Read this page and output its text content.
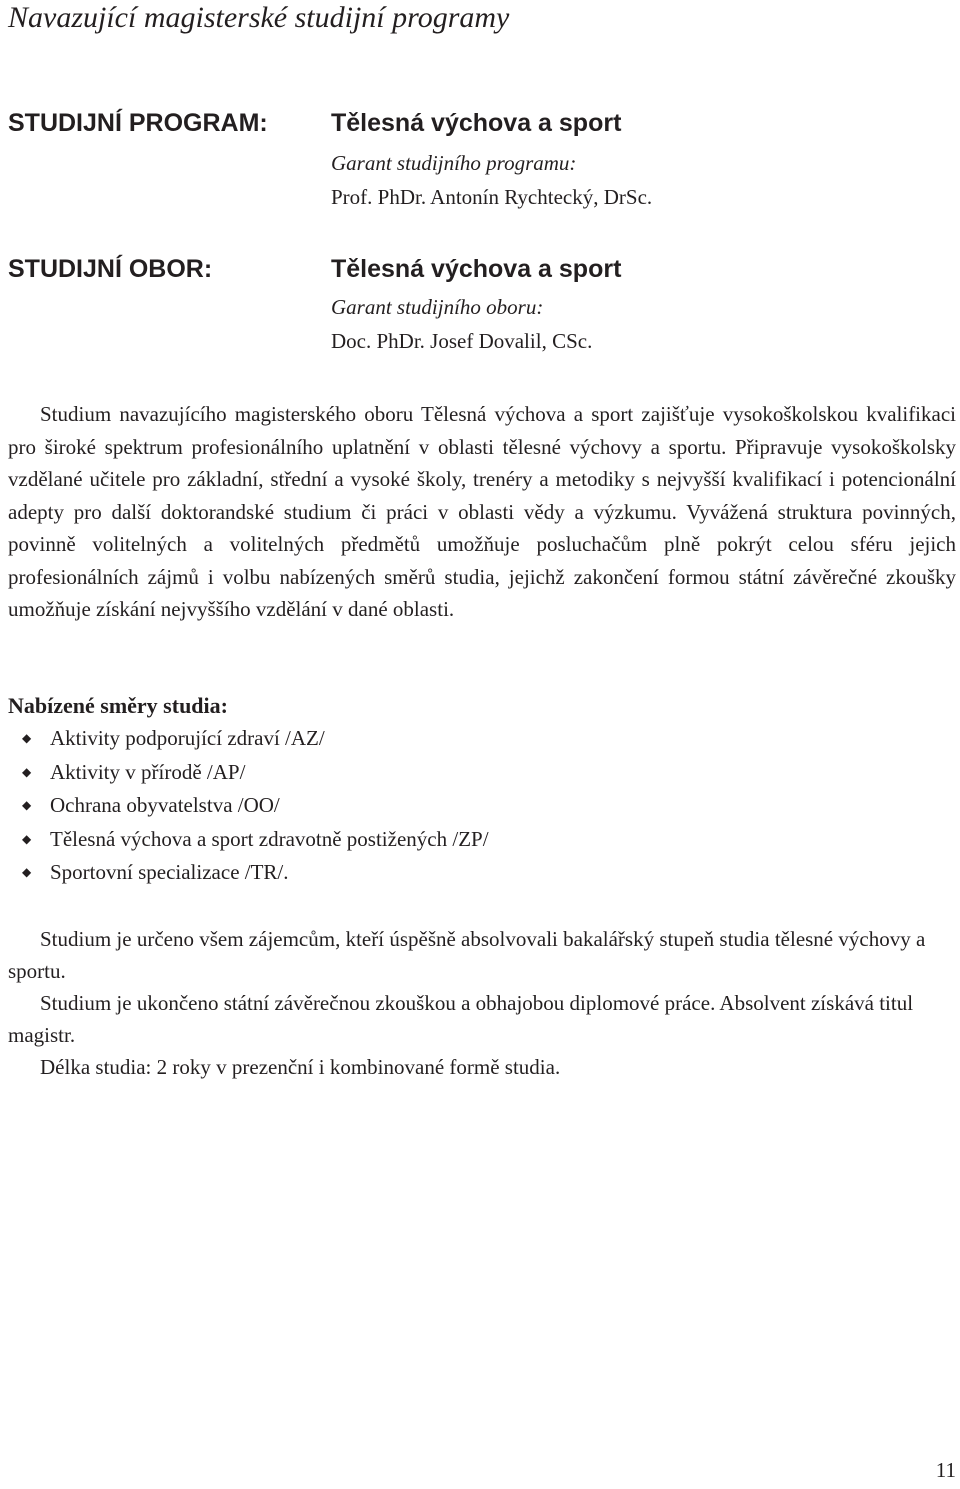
Navazující magisterské studijní programy
STUDIJNÍ PROGRAM:	Tělesná výchova a sport
Garant studijního programu:
Prof. PhDr. Antonín Rychtecký, DrSc.
STUDIJNÍ OBOR:	Tělesná výchova a sport
Garant studijního oboru:
Doc. PhDr. Josef Dovalil, CSc.
Studium navazujícího magisterského oboru Tělesná výchova a sport zajišťuje vysokoškolskou kvalifikaci pro široké spektrum profesionálního uplatnění v oblasti tělesné výchovy a sportu. Připravuje vysokoškolsky vzdělané učitele pro základní, střední a vysoké školy, trenéry a metodiky s nejvyšší kvalifikací i potencionální adepty pro další doktorandské studium či práci v oblasti vědy a výzkumu. Vyvážená struktura povinných, povinně volitelných a volitelných předmětů umožňuje posluchačům plně pokrýt celou sféru jejich profesionálních zájmů i volbu nabízených směrů studia, jejichž zakončení formou státní závěrečné zkoušky umožňuje získání nejvyššího vzdělání v dané oblasti.
Nabízené směry studia:
◆ Aktivity podporující zdraví /AZ/
◆ Aktivity v přírodě /AP/
◆ Ochrana obyvatelstva /OO/
◆ Tělesná výchova a sport zdravotně postižených /ZP/
◆ Sportovní specializace /TR/.

Studium je určeno všem zájemcům, kteří úspěšně absolvovali bakalářský stupeň studia tělesné výchovy a sportu.

Studium je ukončeno státní závěrečnou zkouškou a obhajobou diplomové práce. Absolvent získává titul magistr.

Délka studia: 2 roky v prezenční i kombinované formě studia.

11
